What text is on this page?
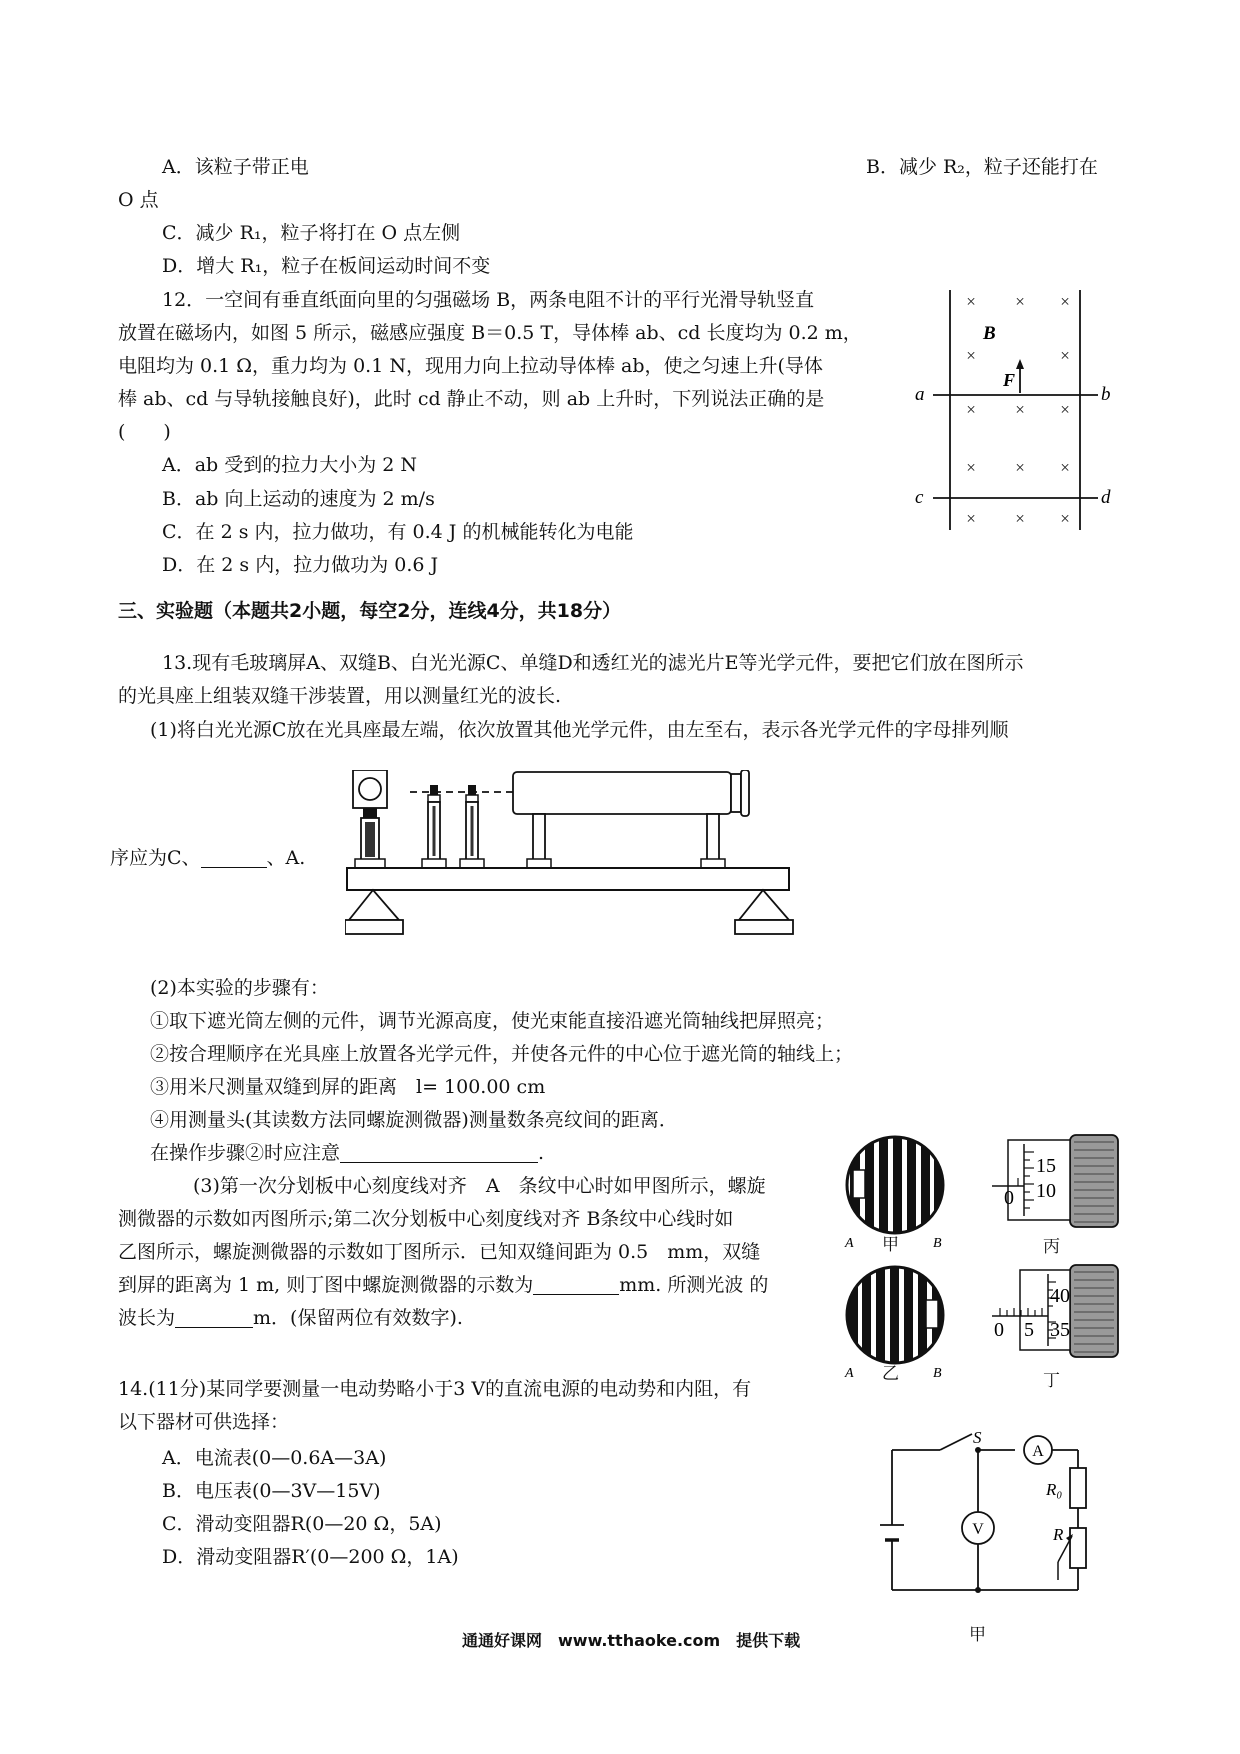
A．该粒子带正电	B．减少 R₂，粒子还能打在
O 点
C．减少 R₁，粒子将打在 O 点左侧
D．增大 R₁，粒子在板间运动时间不变
12．一空间有垂直纸面向里的匀强磁场 B，两条电阻不计的平行光滑导轨竖直
放置在磁场内，如图 5 所示，磁感应强度 B＝0.5 T，导体棒 ab、cd 长度均为 0.2 m，
电阻均为 0.1 Ω，重力均为 0.1 N，现用力向上拉动导体棒 ab，使之匀速上升(导体
棒 ab、cd 与导轨接触良好)，此时 cd 静止不动，则 ab 上升时，下列说法正确的是
(　　)
A．ab 受到的拉力大小为 2 N
B．ab 向上运动的速度为 2 m/s
C．在 2 s 内，拉力做功，有 0.4 J 的机械能转化为电能
D．在 2 s 内，拉力做功为 0.6 J
× × ×
×	×
× × ×
× × ×
× × ×
B
F
a	b
c	d
三、实验题（本题共2小题，每空2分，连线4分，共18分）
13.现有毛玻璃屏A、双缝B、白光光源C、单缝D和透红光的滤光片E等光学元件，要把它们放在图所示
的光具座上组装双缝干涉装置，用以测量红光的波长.
(1)将白光光源C放在光具座最左端，依次放置其他光学元件，由左至右，表示各光学元件的字母排列顺
序应为C、	、A.
(2)本实验的步骤有：
①取下遮光筒左侧的元件，调节光源高度，使光束能直接沿遮光筒轴线把屏照亮；
②按合理顺序在光具座上放置各光学元件，并使各元件的中心位于遮光筒的轴线上；
③用米尺测量双缝到屏的距离　l= 100.00 cm
④用测量头(其读数方法同螺旋测微器)测量数条亮纹间的距离．
在操作步骤②时应注意	.
(3)第一次分划板中心刻度线对齐　A　条纹中心时如甲图所示，螺旋
测微器的示数如丙图所示;第二次分划板中心刻度线对齐 B条纹中心线时如
乙图所示，螺旋测微器的示数如丁图所示．已知双缝间距为 0.5　mm，双缝
到屏的距离为 1 m, 则丁图中螺旋测微器的示数为	mm. 所测光波 的
波长为	m．(保留两位有效数字).
A	B
甲
A	B
乙
15
10
0
丙
40
35
0 5
丁
14.(11分)某同学要测量一电动势略小于3 V的直流电源的电动势和内阻，有
以下器材可供选择：
A．电流表(0—0.6A—3A)
B．电压表(0—3V—15V)
C．滑动变阻器R(0—20 Ω，5A)
D．滑动变阻器R′(0—200 Ω，1A)
S
A
R₀
R
V
甲
通通好课网　www.tthaoke.com　提供下载
